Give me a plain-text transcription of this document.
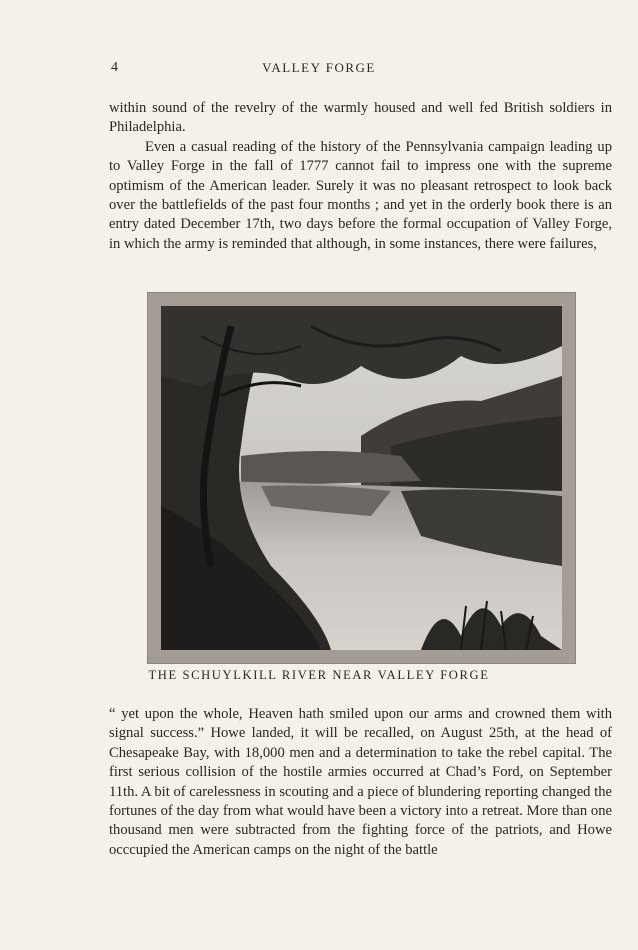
4	VALLEY FORGE

within sound of the revelry of the warmly housed and well fed British soldiers in Philadelphia.

Even a casual reading of the history of the Pennsylvania campaign leading up to Valley Forge in the fall of 1777 cannot fail to impress one with the supreme optimism of the American leader. Surely it was no pleasant retrospect to look back over the battlefields of the past four months ; and yet in the orderly book there is an entry dated December 17th, two days before the formal occupation of Valley Forge, in which the army is reminded that although, in some instances, there were failures,

THE SCHUYLKILL RIVER NEAR VALLEY FORGE

“ yet upon the whole, Heaven hath smiled upon our arms and crowned them with signal success.” Howe landed, it will be recalled, on August 25th, at the head of Chesapeake Bay, with 18,000 men and a determination to take the rebel capital. The first serious collision of the hostile armies occurred at Chad’s Ford, on September 11th. A bit of carelessness in scouting and a piece of blundering reporting changed the fortunes of the day from what would have been a victory into a retreat. More than one thousand men were subtracted from the fighting force of the patriots, and Howe occcupied the American camps on the night of the battle
